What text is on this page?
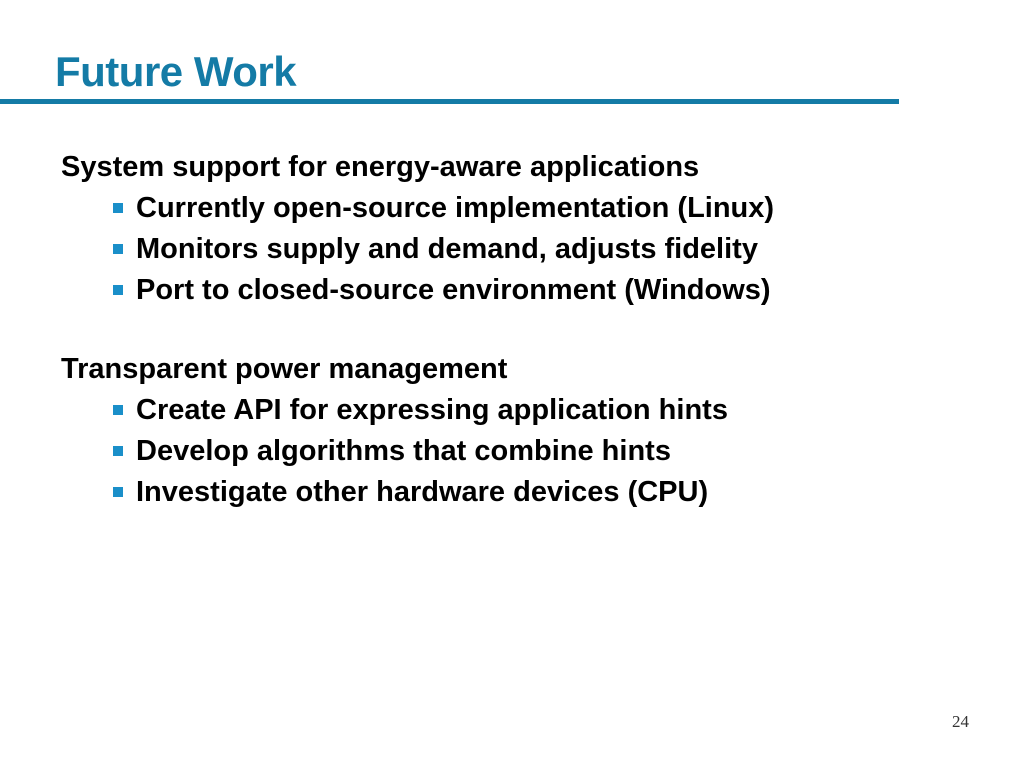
Future Work

System support for energy-aware applications

Currently open-source implementation (Linux)
Monitors supply and demand, adjusts fidelity
Port to closed-source environment (Windows)

Transparent power management

Create API for expressing application hints
Develop algorithms that combine hints
Investigate other hardware devices (CPU)
24
